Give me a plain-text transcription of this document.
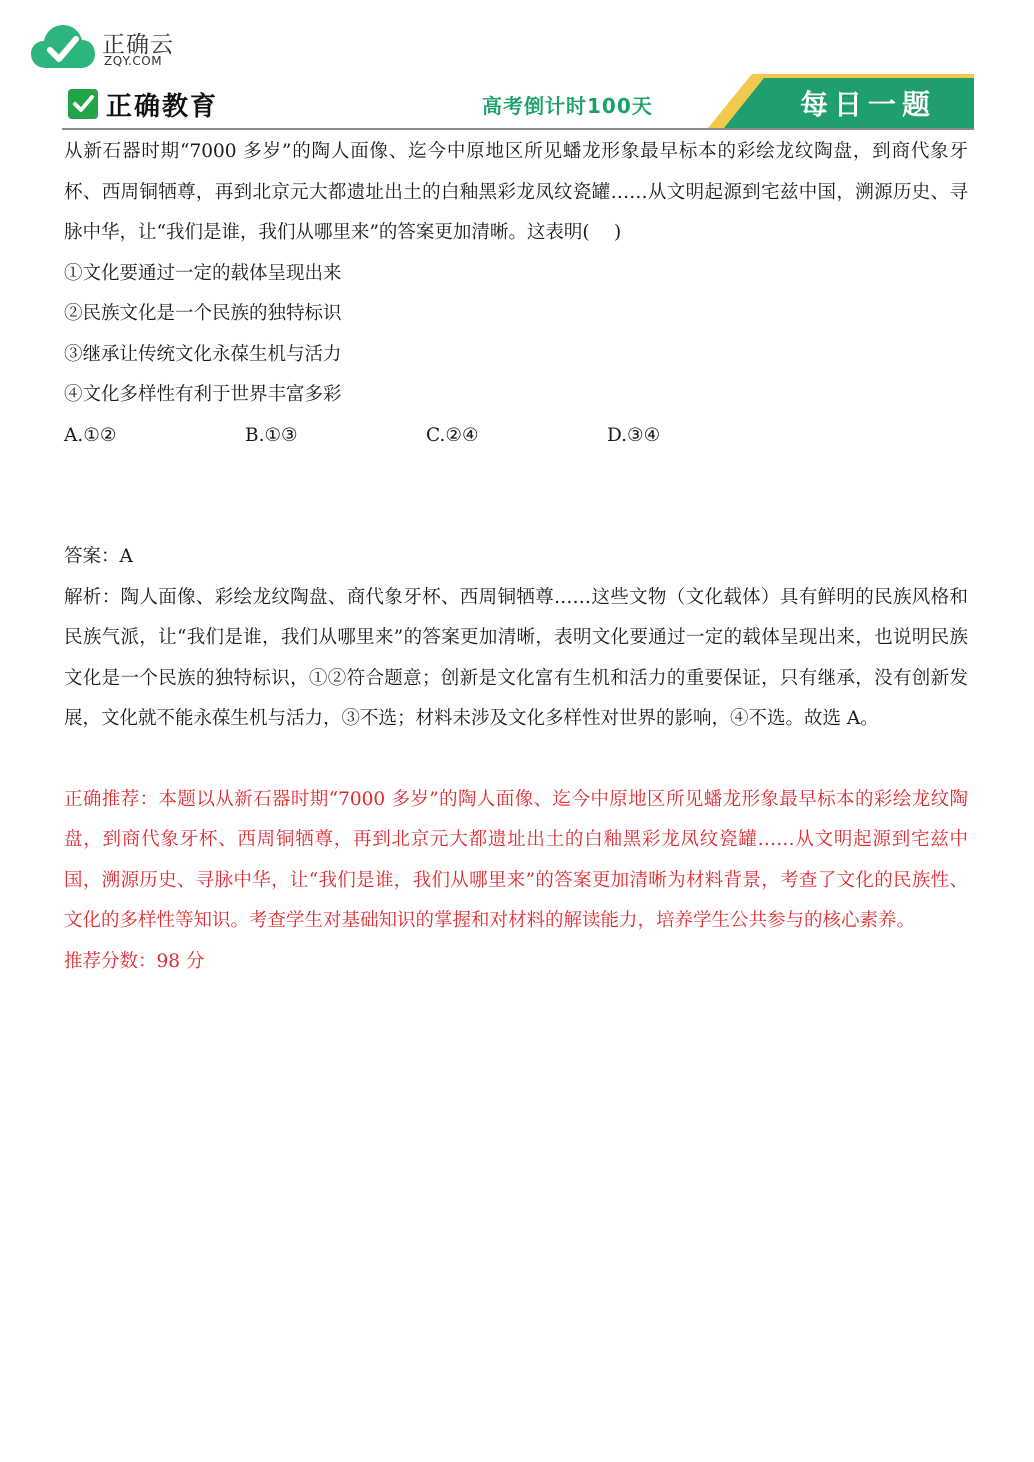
正确云
ZQY.COM
正确教育	高考倒计时100天	每日一题

从新石器时期“7000 多岁”的陶人面像、迄今中原地区所见蟠龙形象最早标本的彩绘龙纹陶盘，到商代象牙杯、西周铜牺尊，再到北京元大都遗址出土的白釉黑彩龙凤纹瓷罐……从文明起源到宅兹中国，溯源历史、寻脉中华，让“我们是谁，我们从哪里来”的答案更加清晰。这表明(　 )

①文化要通过一定的载体呈现出来

②民族文化是一个民族的独特标识

③继承让传统文化永葆生机与活力

④文化多样性有利于世界丰富多彩

A.①②	B.①③	C.②④	D.③④

答案：A

解析：陶人面像、彩绘龙纹陶盘、商代象牙杯、西周铜牺尊……这些文物（文化载体）具有鲜明的民族风格和民族气派，让“我们是谁，我们从哪里来”的答案更加清晰，表明文化要通过一定的载体呈现出来，也说明民族文化是一个民族的独特标识，①②符合题意；创新是文化富有生机和活力的重要保证，只有继承，没有创新发展，文化就不能永葆生机与活力，③不选；材料未涉及文化多样性对世界的影响，④不选。故选 A。

正确推荐：本题以从新石器时期“7000 多岁”的陶人面像、迄今中原地区所见蟠龙形象最早标本的彩绘龙纹陶盘，到商代象牙杯、西周铜牺尊，再到北京元大都遗址出土的白釉黑彩龙凤纹瓷罐……从文明起源到宅兹中国，溯源历史、寻脉中华，让“我们是谁，我们从哪里来”的答案更加清晰为材料背景，考查了文化的民族性、文化的多样性等知识。考查学生对基础知识的掌握和对材料的解读能力，培养学生公共参与的核心素养。

推荐分数：98 分
